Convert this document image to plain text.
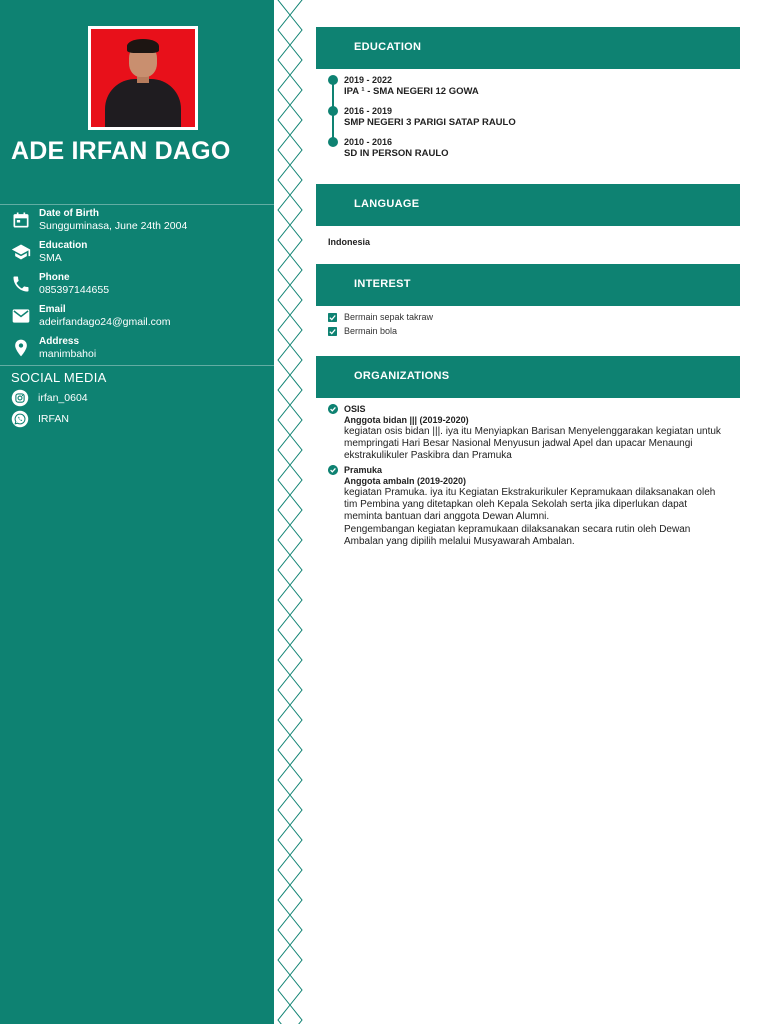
ADE IRFAN DAGO
Date of Birth
Sungguminasa, June 24th 2004
Education
SMA
Phone
085397144655
Email
adeirfandago24@gmail.com
Address
manimbahoi
SOCIAL MEDIA
irfan_0604
IRFAN
EDUCATION
2019 - 2022
IPA ¹ - SMA NEGERI 12 GOWA
2016 - 2019
SMP NEGERI 3 PARIGI SATAP RAULO
2010 - 2016
SD IN PERSON RAULO
LANGUAGE
Indonesia
INTEREST
Bermain sepak takraw
Bermain bola
ORGANIZATIONS
OSIS
Anggota bidan ||| (2019-2020)
kegiatan osis bidan |||. iya itu Menyiapkan Barisan Menyelenggarakan kegiatan untuk
mempringati Hari Besar Nasional Menyusun jadwal Apel dan upacar Menaungi
ekstrakulikuler Paskibra dan Pramuka
Pramuka
Anggota ambaln (2019-2020)
kegiatan Pramuka. iya itu Kegiatan Ekstrakurikuler Kepramukaan dilaksanakan oleh
tim Pembina yang ditetapkan oleh Kepala Sekolah serta jika diperlukan dapat
meminta bantuan dari anggota Dewan Alumni.
Pengembangan kegiatan kepramukaan dilaksanakan secara rutin oleh Dewan
Ambalan yang dipilih melalui Musyawarah Ambalan.
